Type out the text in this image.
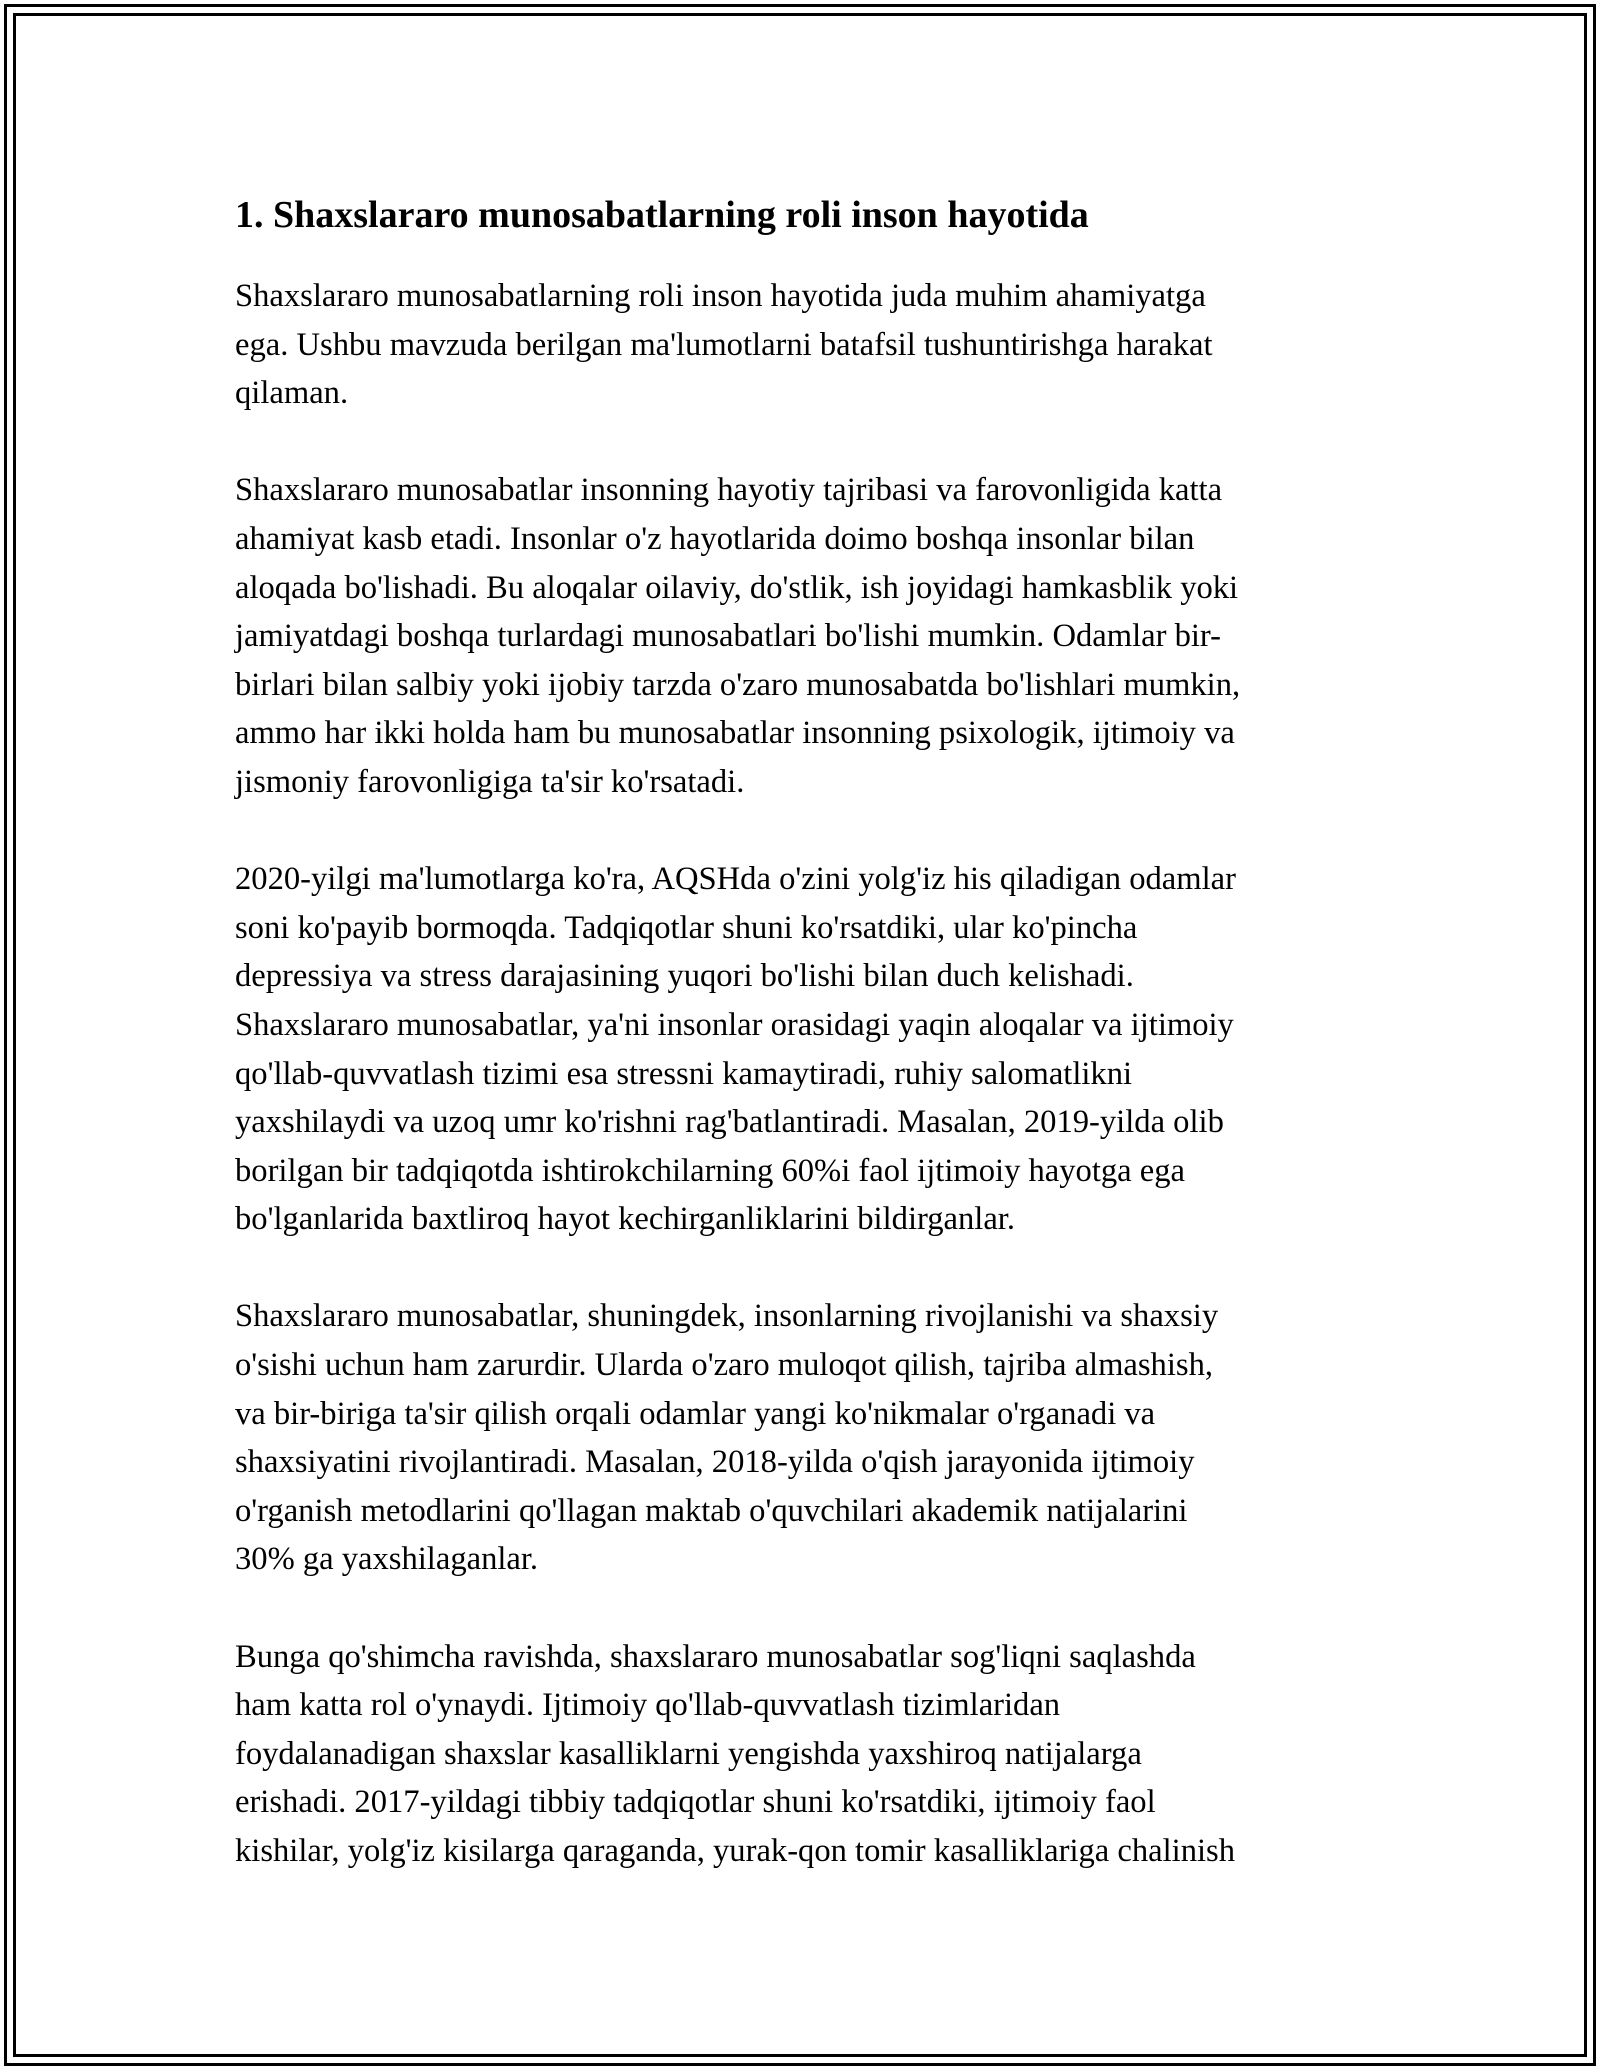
1. Shaxslararo munosabatlarning roli inson hayotida

Shaxslararo munosabatlarning roli inson hayotida juda muhim ahamiyatga
ega. Ushbu mavzuda berilgan ma'lumotlarni batafsil tushuntirishga harakat
qilaman.

Shaxslararo munosabatlar insonning hayotiy tajribasi va farovonligida katta
ahamiyat kasb etadi. Insonlar o'z hayotlarida doimo boshqa insonlar bilan
aloqada bo'lishadi. Bu aloqalar oilaviy, do'stlik, ish joyidagi hamkasblik yoki
jamiyatdagi boshqa turlardagi munosabatlari bo'lishi mumkin. Odamlar bir-
birlari bilan salbiy yoki ijobiy tarzda o'zaro munosabatda bo'lishlari mumkin,
ammo har ikki holda ham bu munosabatlar insonning psixologik, ijtimoiy va
jismoniy farovonligiga ta'sir ko'rsatadi.

2020-yilgi ma'lumotlarga ko'ra, AQSHda o'zini yolg'iz his qiladigan odamlar
soni ko'payib bormoqda. Tadqiqotlar shuni ko'rsatdiki, ular ko'pincha
depressiya va stress darajasining yuqori bo'lishi bilan duch kelishadi.
Shaxslararo munosabatlar, ya'ni insonlar orasidagi yaqin aloqalar va ijtimoiy
qo'llab-quvvatlash tizimi esa stressni kamaytiradi, ruhiy salomatlikni
yaxshilaydi va uzoq umr ko'rishni rag'batlantiradi. Masalan, 2019-yilda olib
borilgan bir tadqiqotda ishtirokchilarning 60%i faol ijtimoiy hayotga ega
bo'lganlarida baxtliroq hayot kechirganliklarini bildirganlar.

Shaxslararo munosabatlar, shuningdek, insonlarning rivojlanishi va shaxsiy
o'sishi uchun ham zarurdir. Ularda o'zaro muloqot qilish, tajriba almashish,
va bir-biriga ta'sir qilish orqali odamlar yangi ko'nikmalar o'rganadi va
shaxsiyatini rivojlantiradi. Masalan, 2018-yilda o'qish jarayonida ijtimoiy
o'rganish metodlarini qo'llagan maktab o'quvchilari akademik natijalarini
30% ga yaxshilaganlar.

Bunga qo'shimcha ravishda, shaxslararo munosabatlar sog'liqni saqlashda
ham katta rol o'ynaydi. Ijtimoiy qo'llab-quvvatlash tizimlaridan
foydalanadigan shaxslar kasalliklarni yengishda yaxshiroq natijalarga
erishadi. 2017-yildagi tibbiy tadqiqotlar shuni ko'rsatdiki, ijtimoiy faol
kishilar, yolg'iz kisilarga qaraganda, yurak-qon tomir kasalliklariga chalinish
